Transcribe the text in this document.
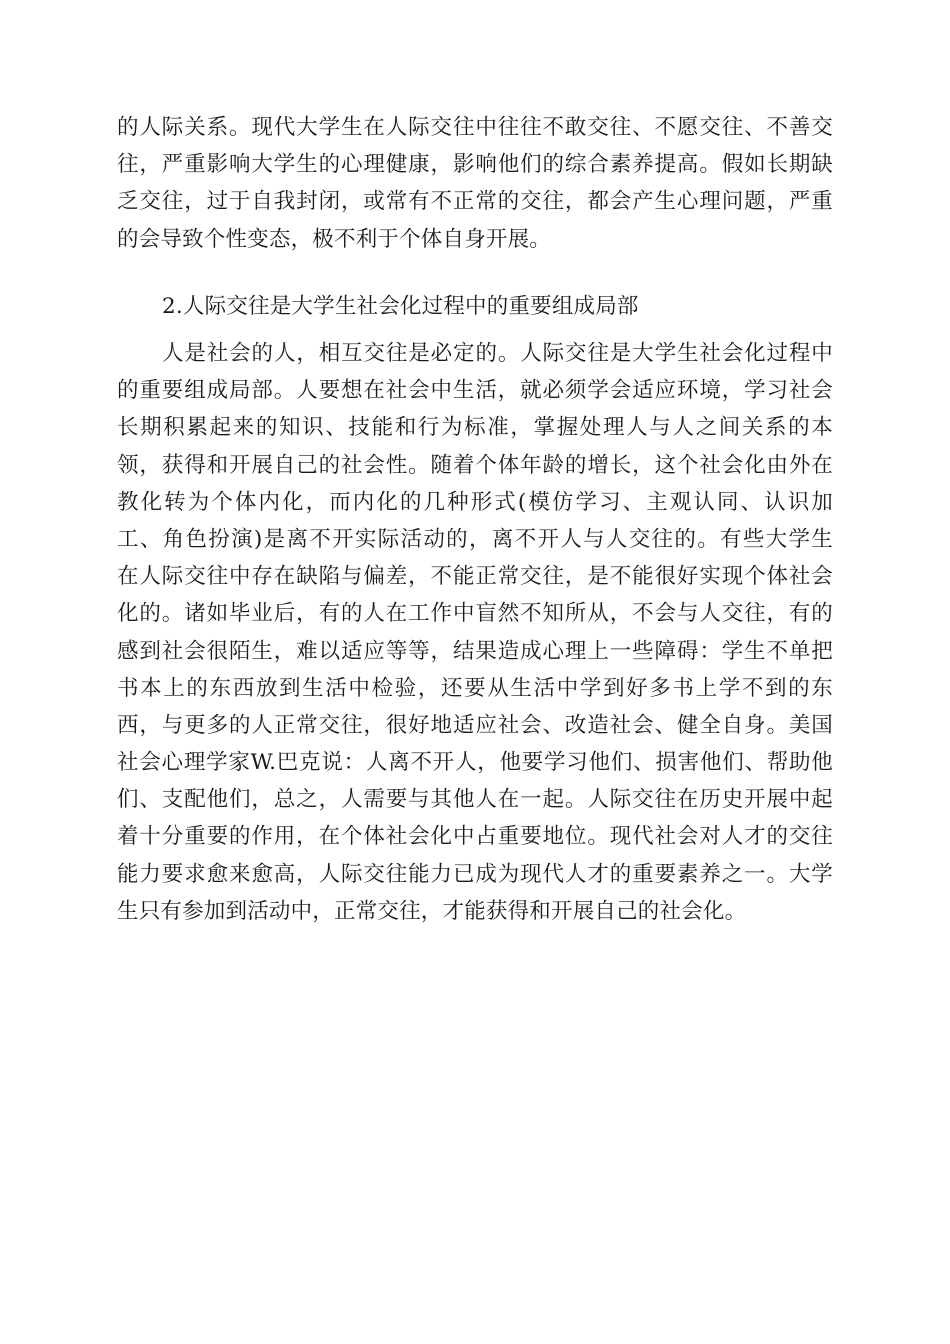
的人际关系。现代大学生在人际交往中往往不敢交往、不愿交往、不善交
往，严重影响大学生的心理健康，影响他们的综合素养提高。假如长期缺
乏交往，过于自我封闭，或常有不正常的交往，都会产生心理问题，严重
的会导致个性变态，极不利于个体自身开展。
2.人际交往是大学生社会化过程中的重要组成局部
人是社会的人，相互交往是必定的。人际交往是大学生社会化过程中
的重要组成局部。人要想在社会中生活，就必须学会适应环境，学习社会
长期积累起来的知识、技能和行为标准，掌握处理人与人之间关系的本
领，获得和开展自己的社会性。随着个体年龄的增长，这个社会化由外在
教化转为个体内化，而内化的几种形式(模仿学习、主观认同、认识加
工、角色扮演)是离不开实际活动的，离不开人与人交往的。有些大学生
在人际交往中存在缺陷与偏差，不能正常交往，是不能很好实现个体社会
化的。诸如毕业后，有的人在工作中盲然不知所从，不会与人交往，有的
感到社会很陌生，难以适应等等，结果造成心理上一些障碍：学生不单把
书本上的东西放到生活中检验，还要从生活中学到好多书上学不到的东
西，与更多的人正常交往，很好地适应社会、改造社会、健全自身。美国
社会心理学家W.巴克说：人离不开人，他要学习他们、损害他们、帮助他
们、支配他们，总之，人需要与其他人在一起。人际交往在历史开展中起
着十分重要的作用，在个体社会化中占重要地位。现代社会对人才的交往
能力要求愈来愈高，人际交往能力已成为现代人才的重要素养之一。大学
生只有参加到活动中，正常交往，才能获得和开展自己的社会化。
